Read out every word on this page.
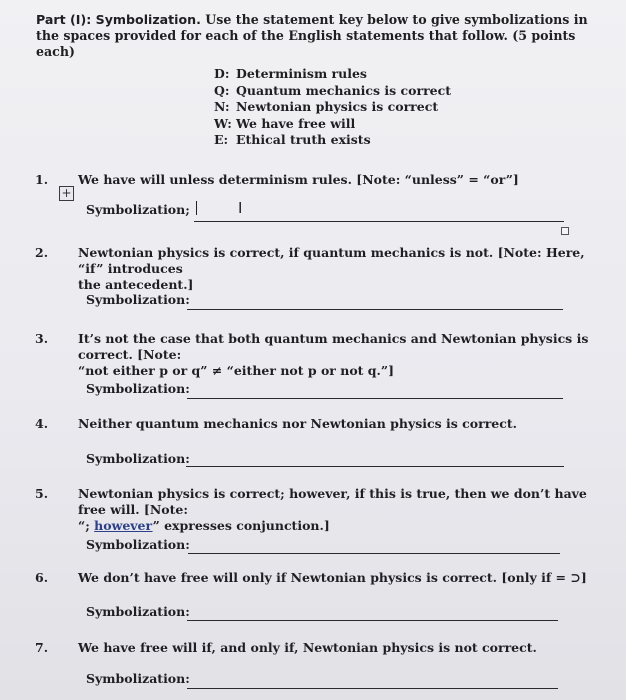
Part (I): Symbolization. Use the statement key below to give symbolizations in the spaces provided for each of the English statements that follow. (5 points each)
D: Determinism rules
Q: Quantum mechanics is correct
N: Newtonian physics is correct
W: We have free will
E: Ethical truth exists
1. We have will unless determinism rules. [Note: “unless” = “or”]
+
Symbolization;	I
2. Newtonian physics is correct, if quantum mechanics is not. [Note: Here, “if” introduces
the antecedent.]
Symbolization:
3. It’s not the case that both quantum mechanics and Newtonian physics is correct. [Note:
“not either p or q” ≠ “either not p or not q.”]
Symbolization:
4. Neither quantum mechanics nor Newtonian physics is correct.
Symbolization:
5. Newtonian physics is correct; however, if this is true, then we don’t have free will. [Note:
“; however” expresses conjunction.]
Symbolization:
6. We don’t have free will only if Newtonian physics is correct. [only if = ⊃]
Symbolization:
7. We have free will if, and only if, Newtonian physics is not correct.
Symbolization:
